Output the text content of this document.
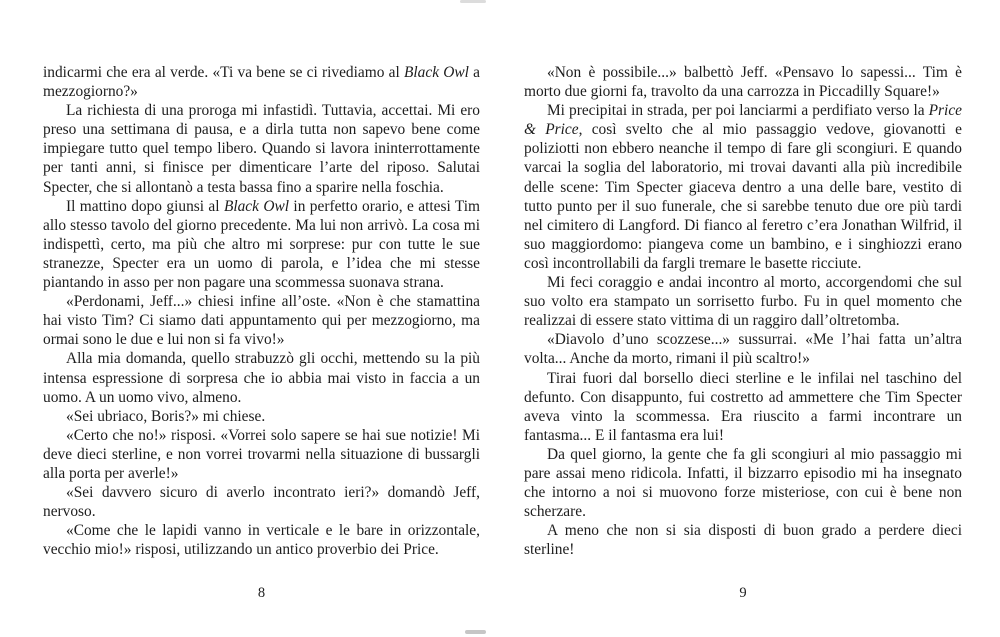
indicarmi che era al verde. «Ti va bene se ci rivediamo al Black Owl a mezzogiorno?»

La richiesta di una proroga mi infastidì. Tuttavia, accettai. Mi ero preso una settimana di pausa, e a dirla tutta non sapevo bene come impiegare tutto quel tempo libero. Quando si lavora ininterrottamente per tanti anni, si finisce per dimenticare l’arte del riposo. Salutai Specter, che si allontanò a testa bassa fino a sparire nella foschia.

Il mattino dopo giunsi al Black Owl in perfetto orario, e attesi Tim allo stesso tavolo del giorno precedente. Ma lui non arrivò. La cosa mi indispettì, certo, ma più che altro mi sorprese: pur con tutte le sue stranezze, Specter era un uomo di parola, e l’idea che mi stesse piantando in asso per non pagare una scommessa suonava strana.

«Perdonami, Jeff...» chiesi infine all’oste. «Non è che stamattina hai visto Tim? Ci siamo dati appuntamento qui per mezzogiorno, ma ormai sono le due e lui non si fa vivo!»

Alla mia domanda, quello strabuzzò gli occhi, mettendo su la più intensa espressione di sorpresa che io abbia mai visto in faccia a un uomo. A un uomo vivo, almeno.

«Sei ubriaco, Boris?» mi chiese.

«Certo che no!» risposi. «Vorrei solo sapere se hai sue notizie! Mi deve dieci sterline, e non vorrei trovarmi nella situazione di bussargli alla porta per averle!»

«Sei davvero sicuro di averlo incontrato ieri?» domandò Jeff, nervoso.

«Come che le lapidi vanno in verticale e le bare in orizzontale, vecchio mio!» risposi, utilizzando un antico proverbio dei Price.

8

«Non è possibile...» balbettò Jeff. «Pensavo lo sapessi... Tim è morto due giorni fa, travolto da una carrozza in Piccadilly Square!»

Mi precipitai in strada, per poi lanciarmi a perdifiato verso la Price & Price, così svelto che al mio passaggio vedove, giovanotti e poliziotti non ebbero neanche il tempo di fare gli scongiuri. E quando varcai la soglia del laboratorio, mi trovai davanti alla più incredibile delle scene: Tim Specter giaceva dentro a una delle bare, vestito di tutto punto per il suo funerale, che si sarebbe tenuto due ore più tardi nel cimitero di Langford. Di fianco al feretro c’era Jonathan Wilfrid, il suo maggiordomo: piangeva come un bambino, e i singhiozzi erano così incontrollabili da fargli tremare le basette ricciute.

Mi feci coraggio e andai incontro al morto, accorgendomi che sul suo volto era stampato un sorrisetto furbo. Fu in quel momento che realizzai di essere stato vittima di un raggiro dall’oltretomba.

«Diavolo d’uno scozzese...» sussurrai. «Me l’hai fatta un’altra volta... Anche da morto, rimani il più scaltro!»

Tirai fuori dal borsello dieci sterline e le infilai nel taschino del defunto. Con disappunto, fui costretto ad ammettere che Tim Specter aveva vinto la scommessa. Era riuscito a farmi incontrare un fantasma... E il fantasma era lui!

Da quel giorno, la gente che fa gli scongiuri al mio passaggio mi pare assai meno ridicola. Infatti, il bizzarro episodio mi ha insegnato che intorno a noi si muovono forze misteriose, con cui è bene non scherzare.

A meno che non si sia disposti di buon grado a perdere dieci sterline!

9
